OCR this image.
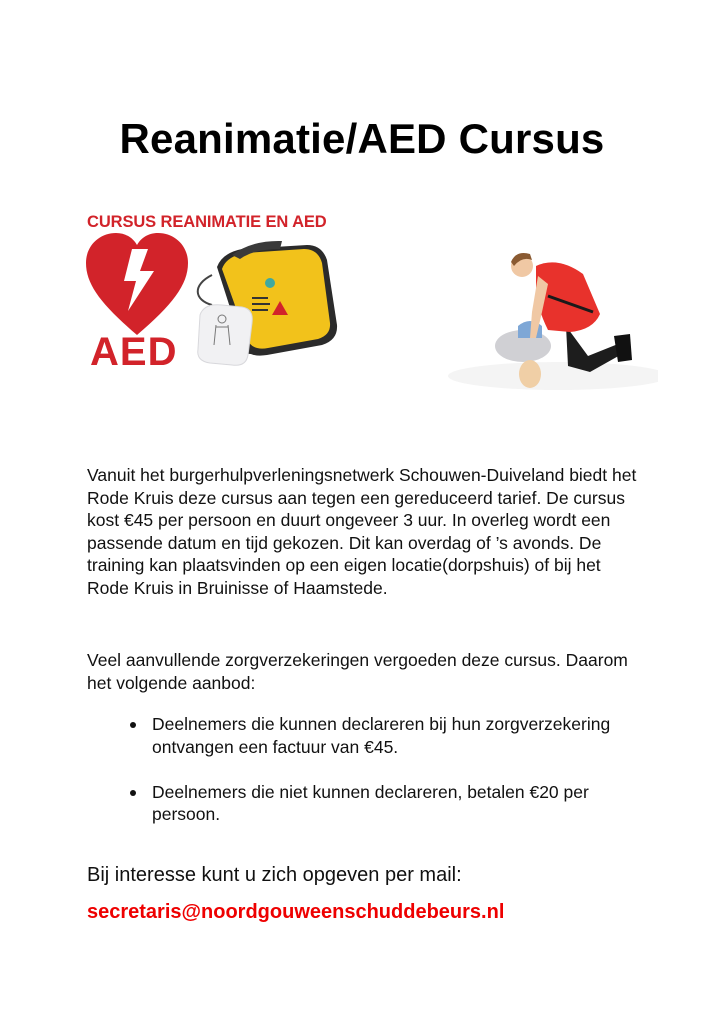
Reanimatie/AED Cursus
CURSUS REANIMATIE EN AED
AED
Vanuit het burgerhulpverleningsnetwerk Schouwen-Duiveland biedt het Rode Kruis deze cursus aan tegen een gereduceerd tarief. De cursus kost €45 per persoon en duurt ongeveer 3 uur. In overleg wordt een passende datum en tijd gekozen. Dit kan overdag of ’s avonds. De training kan plaatsvinden op een eigen locatie(dorpshuis) of bij het Rode Kruis in Bruinisse of Haamstede.
Veel aanvullende zorgverzekeringen vergoeden deze cursus. Daarom het volgende aanbod:
Deelnemers die kunnen declareren bij hun zorgverzekering ontvangen een factuur van €45.
Deelnemers die niet kunnen declareren, betalen €20 per persoon.
Bij interesse kunt u zich opgeven per mail:
secretaris@noordgouweenschuddebeurs.nl
